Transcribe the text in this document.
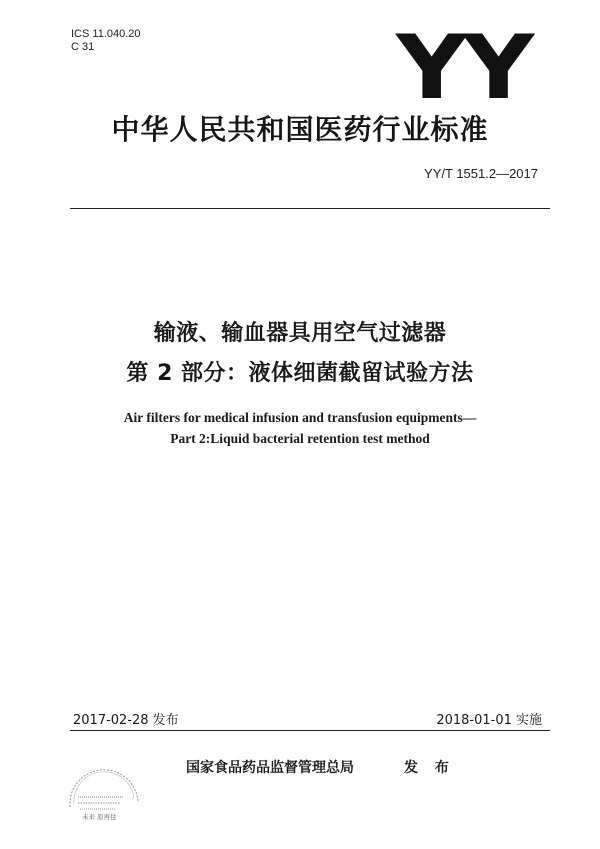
ICS 11.040.20
C 31	YY
中华人民共和国医药行业标准
YY/T 1551.2—2017
输液、输血器具用空气过滤器
第 2 部分：液体细菌截留试验方法
Air filters for medical infusion and transfusion equipments—
Part 2:Liquid bacterial retention test method
2017-02-28 发布	2018-01-01 实施
国家食品药品监督管理总局	发 布
未来 原再住
